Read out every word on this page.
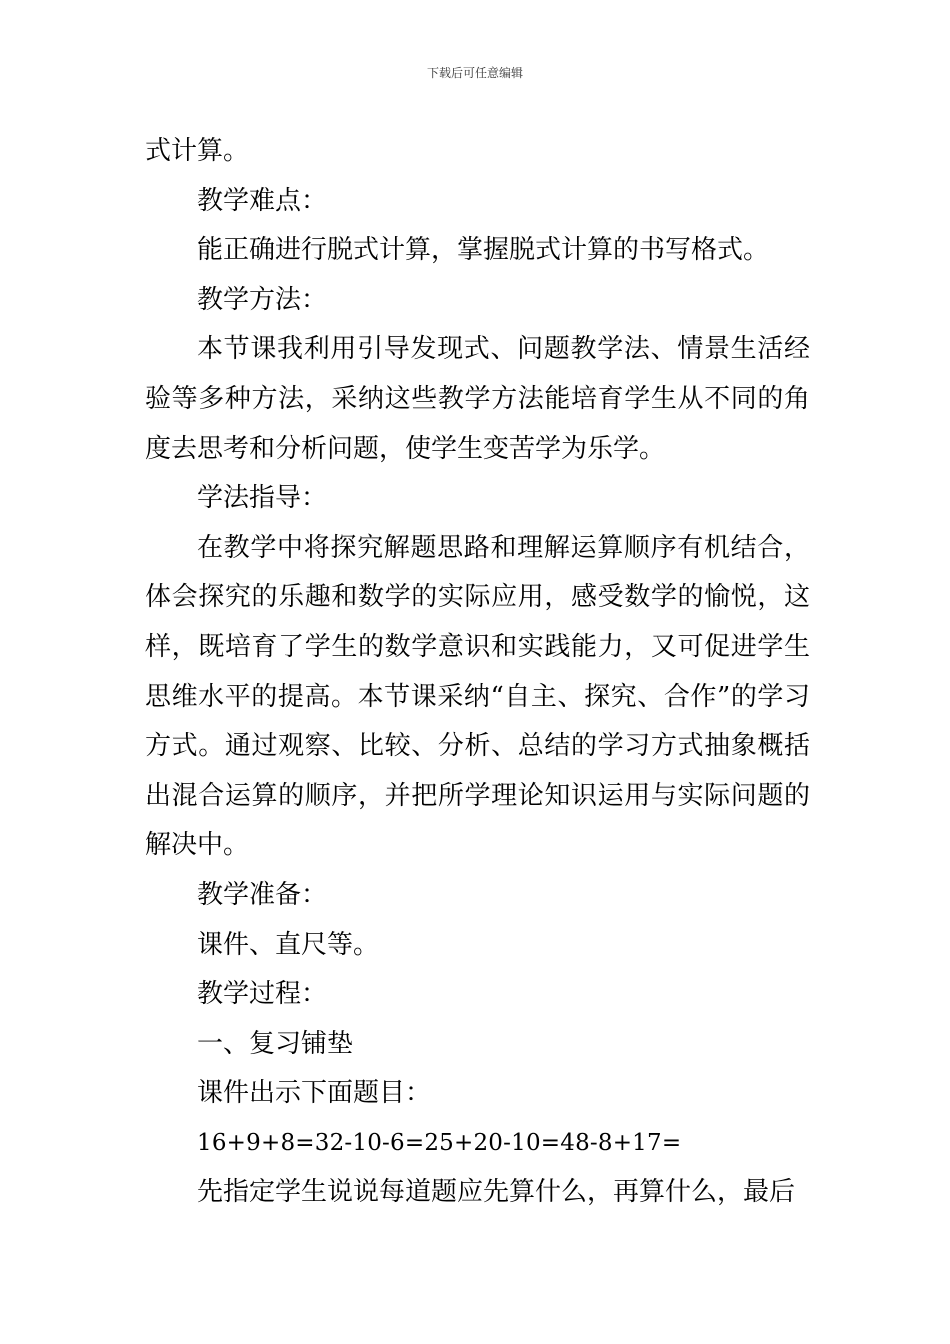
下载后可任意编辑

式计算。

教学难点：

能正确进行脱式计算，掌握脱式计算的书写格式。

教学方法：

本节课我利用引导发现式、问题教学法、情景生活经验等多种方法，采纳这些教学方法能培育学生从不同的角度去思考和分析问题，使学生变苦学为乐学。

学法指导：

在教学中将探究解题思路和理解运算顺序有机结合，体会探究的乐趣和数学的实际应用，感受数学的愉悦，这样，既培育了学生的数学意识和实践能力，又可促进学生思维水平的提高。本节课采纳“自主、探究、合作”的学习方式。通过观察、比较、分析、总结的学习方式抽象概括出混合运算的顺序，并把所学理论知识运用与实际问题的解决中。

教学准备：

课件、直尺等。

教学过程：

一、复习铺垫

课件出示下面题目：

16+9+8=32-10-6=25+20-10=48-8+17=

先指定学生说说每道题应先算什么，再算什么，最后
